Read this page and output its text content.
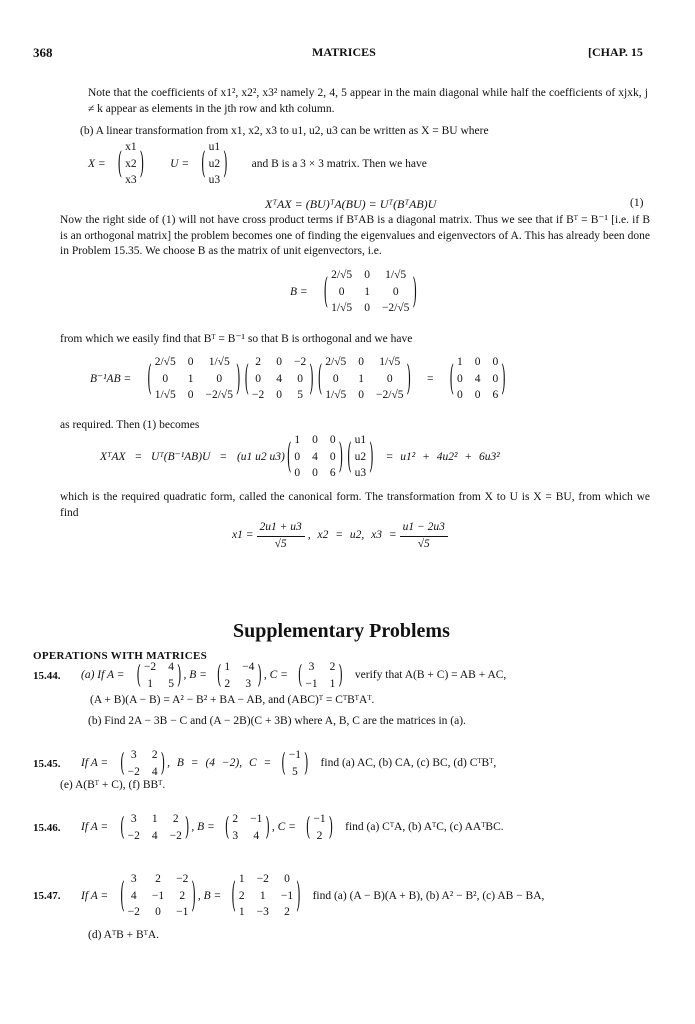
368	MATRICES	[CHAP. 15
Note that the coefficients of x1², x2², x3² namely 2, 4, 5 appear in the main diagonal while half the coefficients of xjxk, j ≠ k appear as elements in the jth row and kth column.
(b) A linear transformation from x1, x2, x3 to u1, u2, u3 can be written as X = BU where
X = ( x1
x2
x3 ) U = ( u1
u2
u3 ) and B is a 3 × 3 matrix. Then we have
XᵀAX = (BU)ᵀA(BU) = Uᵀ(BᵀAB)U	(1)
Now the right side of (1) will not have cross product terms if BᵀAB is a diagonal matrix. Thus we see that if Bᵀ = B⁻¹ [i.e. if B is an orthogonal matrix] the problem becomes one of finding the eigenvalues and eigenvectors of A. This has already been done in Problem 15.35. We choose B as the matrix of unit eigenvectors, i.e.
B = ( 2/√5 0 1/√5
0	1	0
1/√5 0 −2/√5 )
from which we easily find that Bᵀ = B⁻¹ so that B is orthogonal and we have
B⁻¹AB = ( 2/√5 0 1/√5
0	1	0
1/√5 0 −2/√5 ) ( 2 0 −2
0 4 0
−2 0 5 ) ( 2/√5 0 1/√5
0	1	0
1/√5 0 −2/√5 ) = ( 1 0 0
0 4 0
0 0 6 )
as required. Then (1) becomes
XᵀAX = Uᵀ(B⁻¹AB)U = (u1 u2 u3) ( 1 0 0
0 4 0
0 0 6 ) ( u1
u2
u3 ) = u1² + 4u2² + 6u3²
which is the required quadratic form, called the canonical form. The transformation from X to U is X = BU, from which we find
$x1 = \frac{2u1 + u3}{√5}$ , x2 = u2, $x3 = \frac{u1 - 2u3}{√5}$
Supplementary Problems
OPERATIONS WITH MATRICES
15.44.	(a) If A = ( −2 4
1 5 ) , B = ( 1 −4
2 3 ) , C = ( 3 2
−1 1 ) verify that A(B + C) = AB + AC,
(A + B)(A − B) = A² − B² + BA − AB, and (ABC)ᵀ = CᵀBᵀAᵀ.
(b) Find 2A − 3B − C and (A − 2B)(C + 3B) where A, B, C are the matrices in (a).
15.45.	If A = ( 3 2
−2 4 ) , B = (4 −2), C = ( −1
5 ) find (a) AC, (b) CA, (c) BC, (d) CᵀBᵀ,
(e) A(Bᵀ + C), (f) BBᵀ.
15.46.	If A = ( 3 1 2
−2 4 −2 ) , B = ( 2 −1
3 4 ) , C = ( −1
2 ) find (a) CᵀA, (b) AᵀC, (c) AAᵀBC.
15.47.	If A = ( 3 2 −2
4 −1 2
−2 0 −1 ) , B = ( 1 −2 0
2 1 −1
1 −3 2 ) find (a) (A − B)(A + B), (b) A² − B², (c) AB − BA,
(d) AᵀB + BᵀA.
